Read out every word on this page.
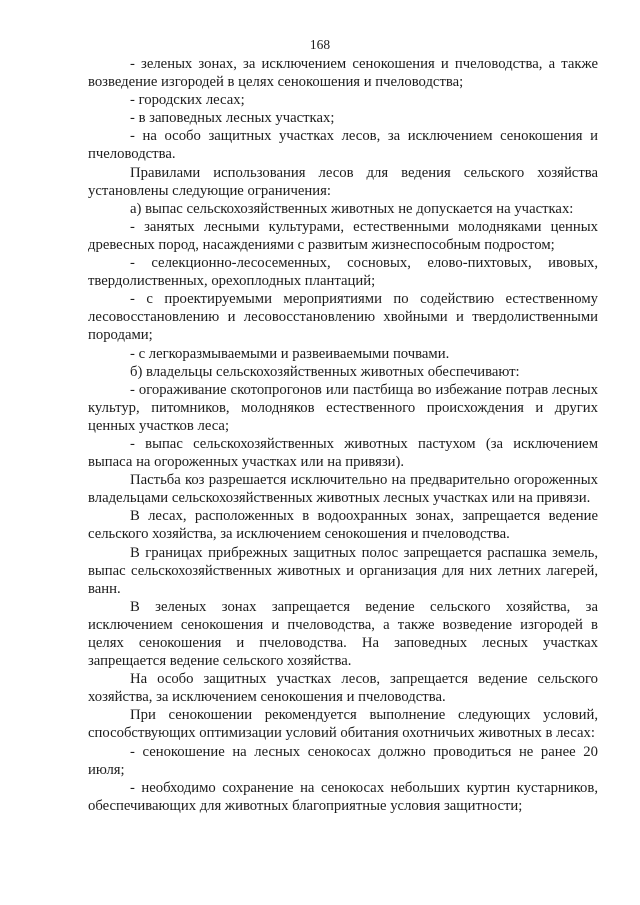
168

- зеленых зонах, за исключением сенокошения и пчеловодства, а также возведение изгородей в целях сенокошения и пчеловодства;

- городских лесах;

- в заповедных лесных участках;

- на особо защитных участках лесов, за исключением сенокошения и пчеловодства.

Правилами использования лесов для ведения сельского хозяйства установлены следующие ограничения:

а) выпас сельскохозяйственных животных не допускается на участках:

- занятых лесными культурами, естественными молодняками ценных древесных пород, насаждениями с развитым жизнеспособным подростом;

- селекционно-лесосеменных, сосновых, елово-пихтовых, ивовых, твердолиственных, орехоплодных плантаций;

- с проектируемыми мероприятиями по содействию естественному лесовосстановлению и лесовосстановлению хвойными и твердолиственными породами;

- с легкоразмываемыми и развеиваемыми почвами.

б) владельцы сельскохозяйственных животных обеспечивают:

- огораживание скотопрогонов или пастбища во избежание потрав лесных культур, питомников, молодняков естественного происхождения и других ценных участков леса;

- выпас сельскохозяйственных животных пастухом (за исключением выпаса на огороженных участках или на привязи).

Пастьба коз разрешается исключительно на предварительно огороженных владельцами сельскохозяйственных животных лесных участках или на привязи.

В лесах, расположенных в водоохранных зонах, запрещается ведение сельского хозяйства, за исключением сенокошения и пчеловодства.

В границах прибрежных защитных полос запрещается распашка земель, выпас сельскохозяйственных животных и организация для них летних лагерей, ванн.

В зеленых зонах запрещается ведение сельского хозяйства, за исключением сенокошения и пчеловодства, а также возведение изгородей в целях сенокошения и пчеловодства. На заповедных лесных участках запрещается ведение сельского хозяйства.

На особо защитных участках лесов, запрещается ведение сельского хозяйства, за исключением сенокошения и пчеловодства.

При сенокошении рекомендуется выполнение следующих условий, способствующих оптимизации условий обитания охотничьих животных в лесах:

- сенокошение на лесных сенокосах должно проводиться не ранее 20 июля;

- необходимо сохранение на сенокосах небольших куртин кустарников, обеспечивающих для животных благоприятные условия защитности;
